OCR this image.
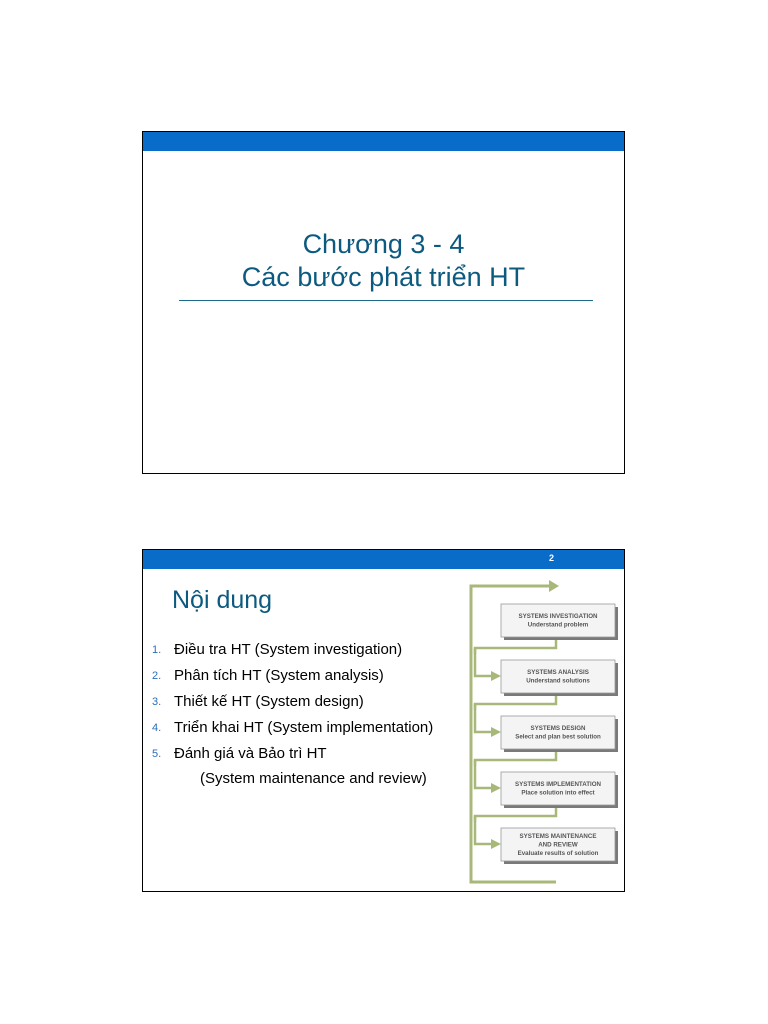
Chương 3 - 4
Các bước phát triển HT
2
Nội dung
1. Điều tra HT (System investigation)
2. Phân tích HT (System analysis)
3. Thiết kế HT (System design)
4. Triển khai HT (System implementation)
5. Đánh giá và Bảo trì HT
(System maintenance and review)
SYSTEMS INVESTIGATION
Understand problem
SYSTEMS ANALYSIS
Understand solutions
SYSTEMS DESIGN
Select and plan best solution
SYSTEMS IMPLEMENTATION
Place solution into effect
SYSTEMS MAINTENANCE
AND REVIEW
Evaluate results of solution
